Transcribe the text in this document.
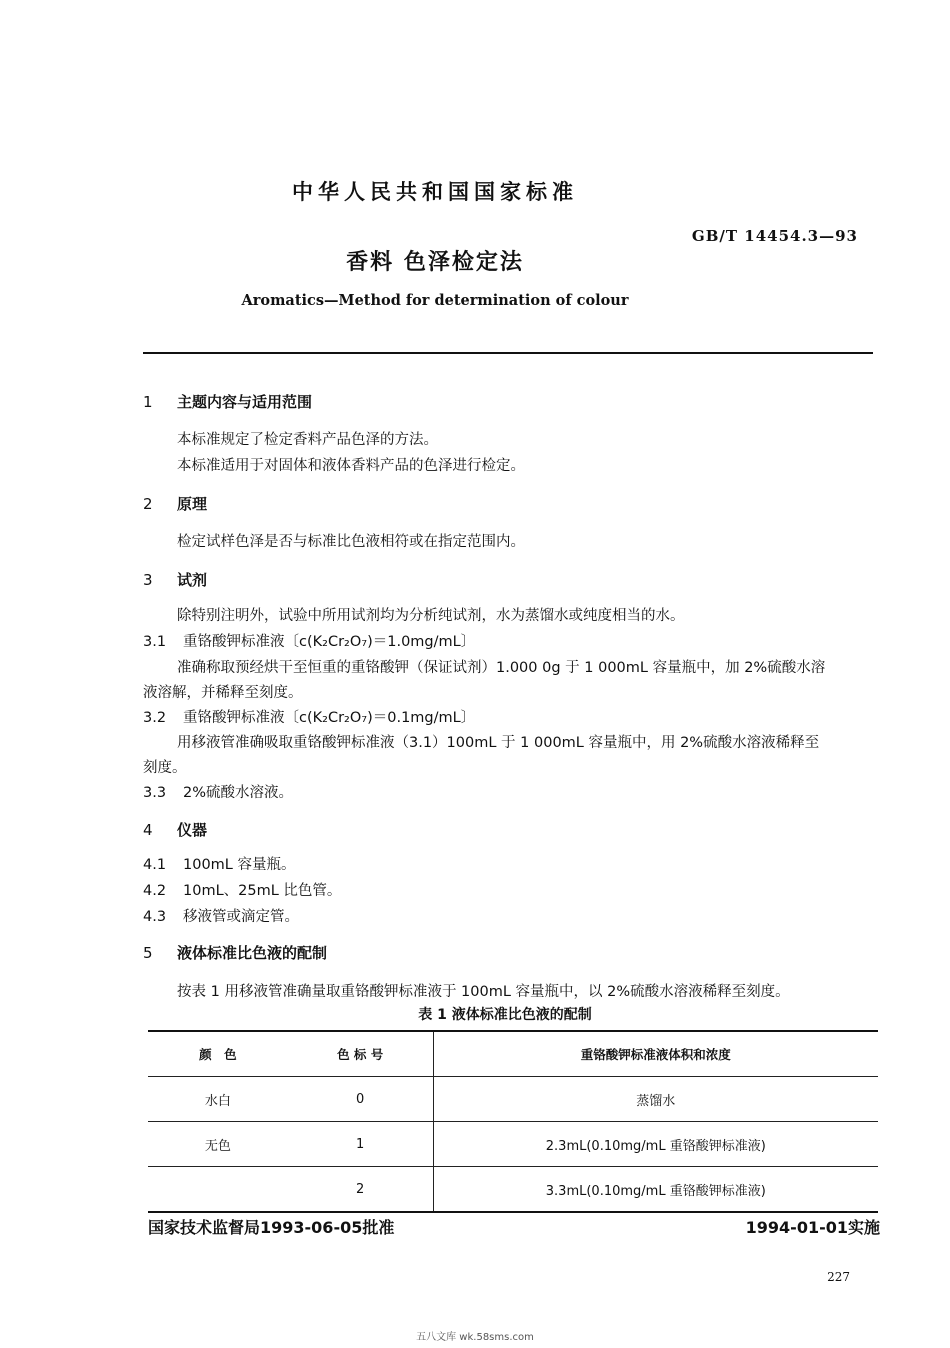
中华人民共和国国家标准
GB/T 14454.3—93
香料 色泽检定法
Aromatics—Method for determination of colour
1 主题内容与适用范围
本标准规定了检定香料产品色泽的方法。
本标准适用于对固体和液体香料产品的色泽进行检定。
2 原理
检定试样色泽是否与标准比色液相符或在指定范围内。
3 试剂
除特别注明外，试验中所用试剂均为分析纯试剂，水为蒸馏水或纯度相当的水。
3.1 重铬酸钾标准液〔c(K₂Cr₂O₇)＝1.0mg/mL〕
准确称取预经烘干至恒重的重铬酸钾（保证试剂）1.000 0g 于 1 000mL 容量瓶中，加 2%硫酸水溶
液溶解，并稀释至刻度。
3.2 重铬酸钾标准液〔c(K₂Cr₂O₇)＝0.1mg/mL〕
用移液管准确吸取重铬酸钾标准液（3.1）100mL 于 1 000mL 容量瓶中，用 2%硫酸水溶液稀释至
刻度。
3.3 2%硫酸水溶液。
4 仪器
4.1 100mL 容量瓶。
4.2 10mL、25mL 比色管。
4.3 移液管或滴定管。
5 液体标准比色液的配制
按表 1 用移液管准确量取重铬酸钾标准液于 100mL 容量瓶中，以 2%硫酸水溶液稀释至刻度。
表 1 液体标准比色液的配制
颜　色	色 标 号	重铬酸钾标准液体积和浓度
水白	0	蒸馏水
无色	1	2.3mL(0.10mg/mL 重铬酸钾标准液)
	2	3.3mL(0.10mg/mL 重铬酸钾标准液)
国家技术监督局1993-06-05批准	1994-01-01实施
227
五八文库 wk.58sms.com
